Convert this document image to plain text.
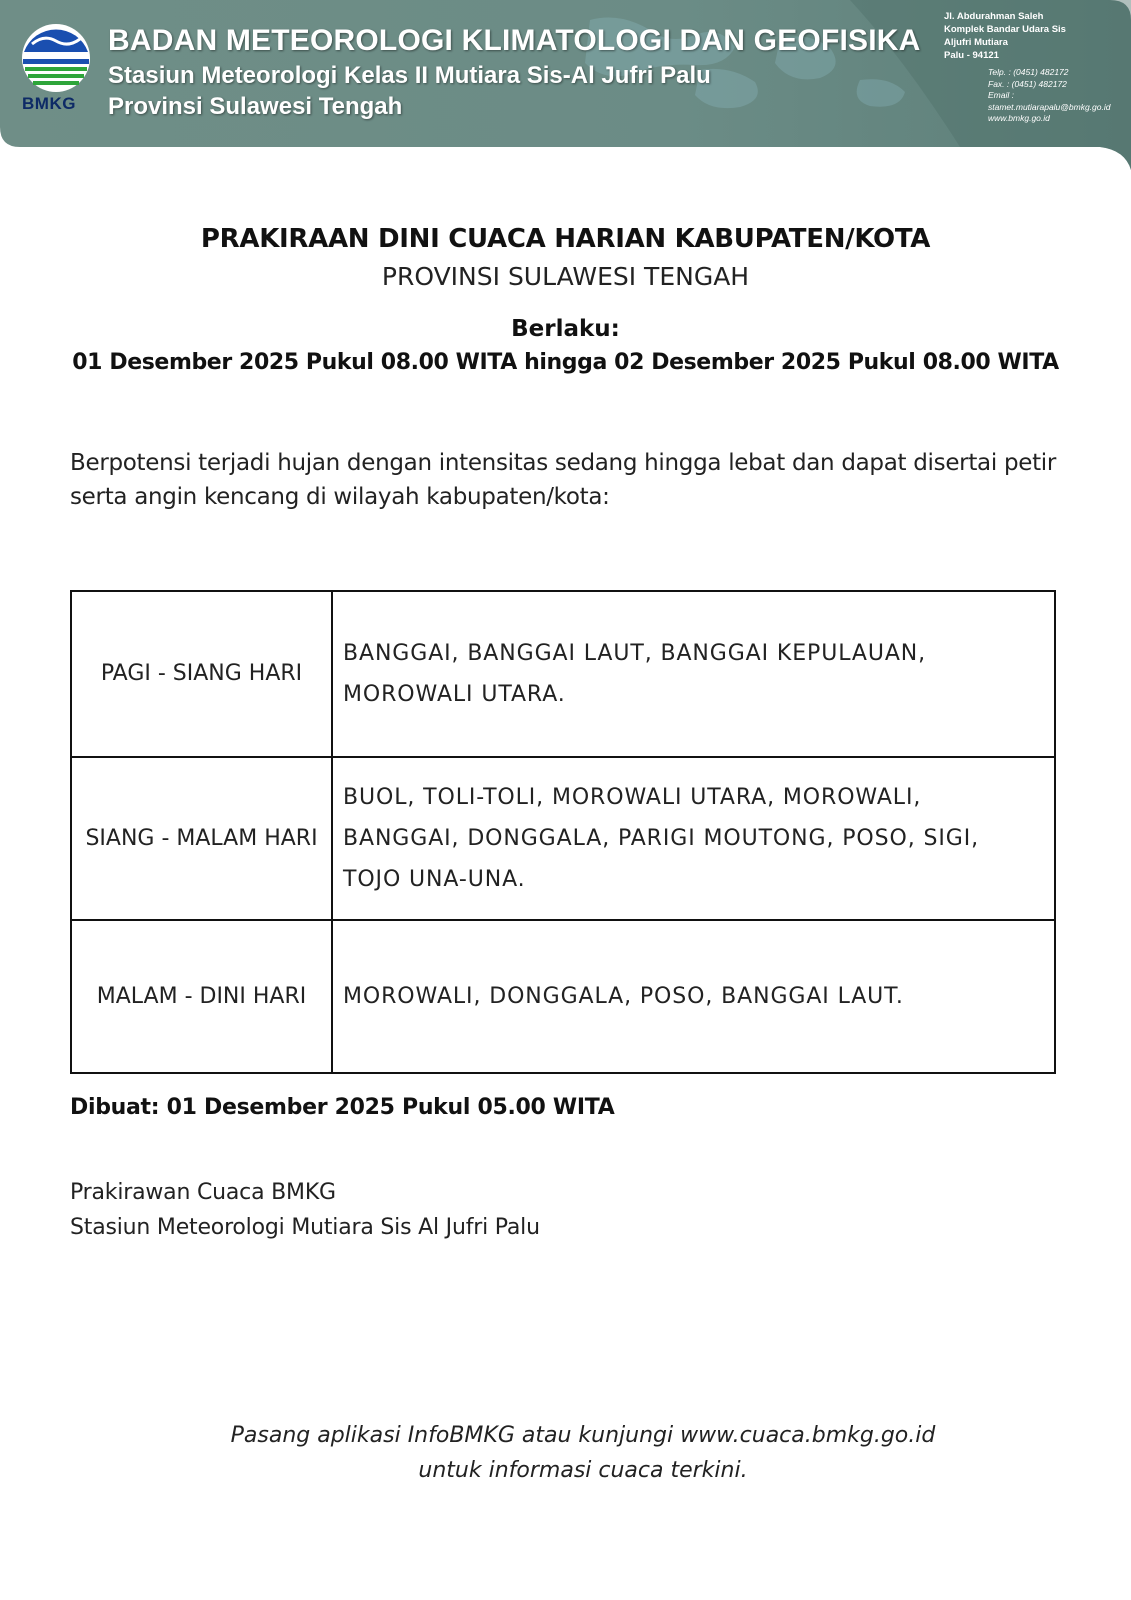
BMKG
BADAN METEOROLOGI KLIMATOLOGI DAN GEOFISIKA
Stasiun Meteorologi Kelas II Mutiara Sis-Al Jufri Palu
Provinsi Sulawesi Tengah
Jl. Abdurahman Saleh
Komplek Bandar Udara Sis
Aljufri Mutiara
Palu - 94121
Telp. : (0451) 482172
Fax. : (0451) 482172
Email :
stamet.mutiarapalu@bmkg.go.id
www.bmkg.go.id
PRAKIRAAN DINI CUACA HARIAN KABUPATEN/KOTA
PROVINSI SULAWESI TENGAH
Berlaku:
01 Desember 2025 Pukul 08.00 WITA hingga 02 Desember 2025 Pukul 08.00 WITA
Berpotensi terjadi hujan dengan intensitas sedang hingga lebat dan dapat disertai petir serta angin kencang di wilayah kabupaten/kota:
PAGI - SIANG HARI	BANGGAI, BANGGAI LAUT, BANGGAI KEPULAUAN, MOROWALI UTARA.
SIANG - MALAM HARI	BUOL, TOLI-TOLI, MOROWALI UTARA, MOROWALI, BANGGAI, DONGGALA, PARIGI MOUTONG, POSO, SIGI, TOJO UNA-UNA.
MALAM - DINI HARI	MOROWALI, DONGGALA, POSO, BANGGAI LAUT.
Dibuat: 01 Desember 2025 Pukul 05.00 WITA
Prakirawan Cuaca BMKG
Stasiun Meteorologi Mutiara Sis Al Jufri Palu
Pasang aplikasi InfoBMKG atau kunjungi www.cuaca.bmkg.go.id
untuk informasi cuaca terkini.
